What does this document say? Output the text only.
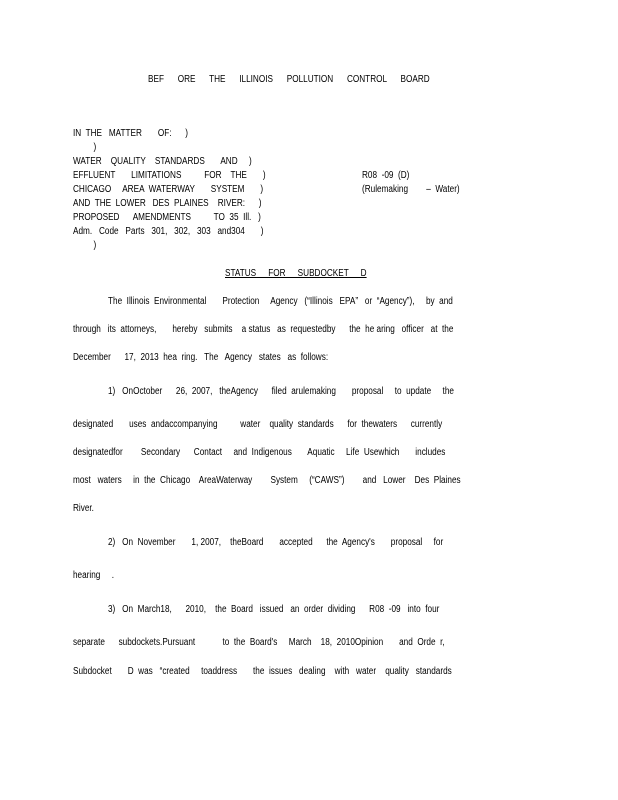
BEF ORE THE ILLINOIS POLLUTION CONTROL BOARD
IN  THE   MATTER       OF:      )
)
WATER    QUALITY    STANDARDS       AND     )
EFFLUENT       LIMITATIONS          FOR    THE       )
CHICAGO     AREA  WATERWAY       SYSTEM       )
AND  THE  LOWER   DES  PLAINES    RIVER:      )
PROPOSED      AMENDMENTS          TO  35  Ill.   )
Adm.   Code   Parts   301,   302,   303   and304       )
)
R08  -09  (D)
(Rulemaking        –  Water)
STATUS FOR SUBDOCKET D
The  Illinois  Environmental       Protection     Agency   (“Illinois   EPA”   or  “Agency”),     by  and
through   its  attorneys,       hereby   submits    a status   as  requestedby      the  he aring   officer   at  the
December      17,  2013  hea  ring.   The   Agency   states   as  follows:
1)   OnOctober      26,  2007,   theAgency      filed  arulemaking       proposal     to  update     the
designated       uses  andaccompanying          water    quality  standards      for  thewaters      currently
designatedfor        Secondary      Contact     and  Indigenous       Aquatic     Life  Usewhich       includes
most   waters     in  the  Chicago    AreaWaterway        System     (“CAWS”)        and   Lower    Des  Plaines
River.
2)   On  November       1, 2007,    theBoard       accepted      the  Agency's       proposal     for
hearing     .
3)   On  March18,      2010,    the  Board   issued   an  order  dividing      R08  -09   into  four
separate      subdockets.Pursuant            to  the  Board's     March    18,  2010Opinion       and  Orde  r,
Subdocket       D  was   “created     toaddress       the  issues   dealing    with   water    quality   standards
